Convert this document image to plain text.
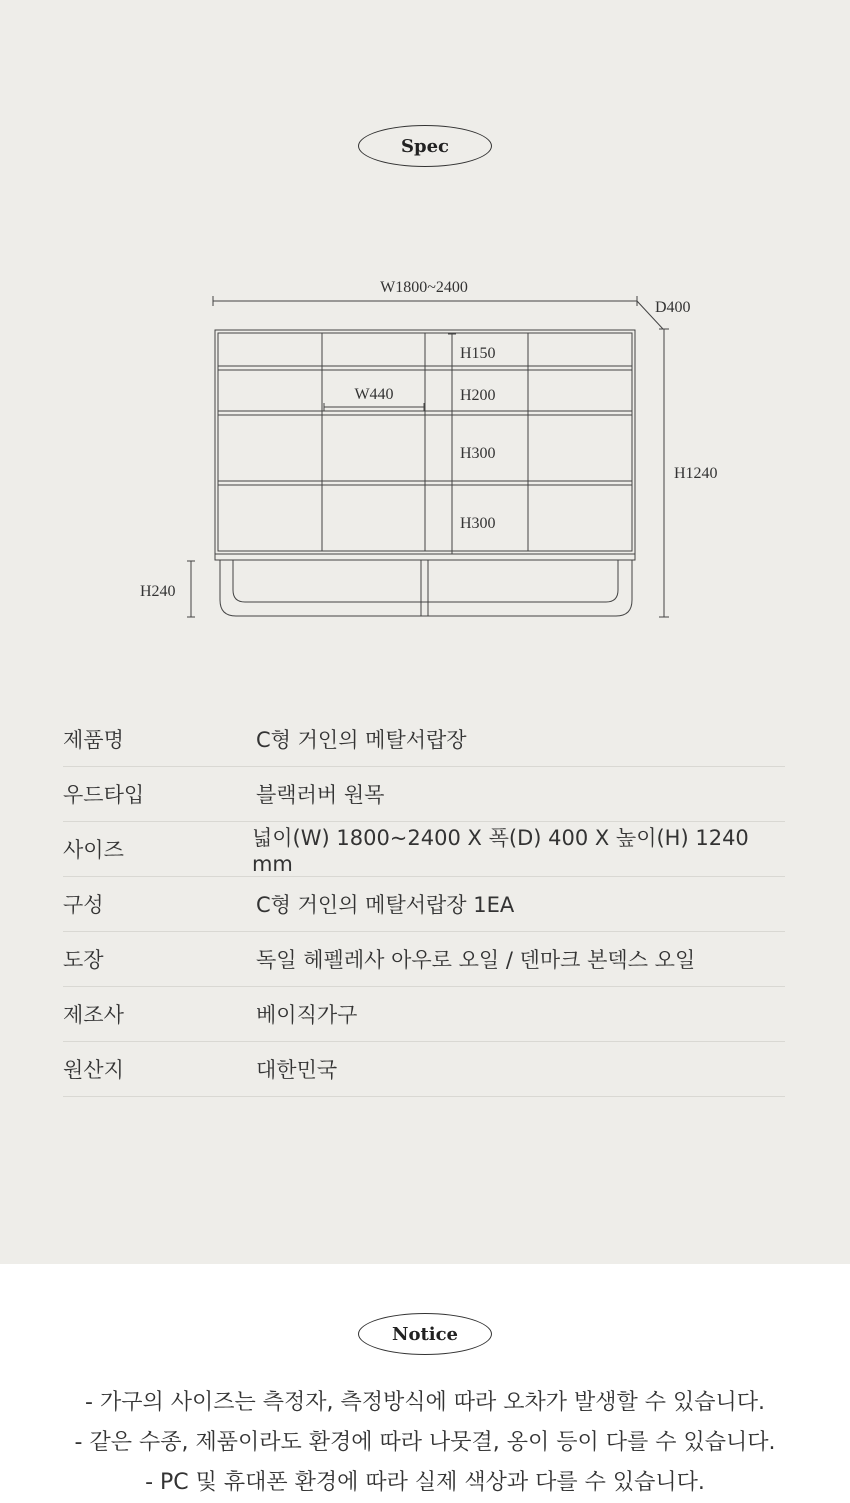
Spec
W1800~2400
D400
H1240
H240
W440
H150
H200
H300
H300
제품명	C형 거인의 메탈서랍장
우드타입	블랙러버 원목
사이즈	넓이(W) 1800~2400 X 폭(D) 400 X 높이(H) 1240 mm
구성	C형 거인의 메탈서랍장 1EA
도장	독일 헤펠레사 아우로 오일 / 덴마크 본덱스 오일
제조사	베이직가구
원산지	대한민국
Notice
- 가구의 사이즈는 측정자, 측정방식에 따라 오차가 발생할 수 있습니다.
- 같은 수종, 제품이라도 환경에 따라 나뭇결, 옹이 등이 다를 수 있습니다.
- PC 및 휴대폰 환경에 따라 실제 색상과 다를 수 있습니다.
